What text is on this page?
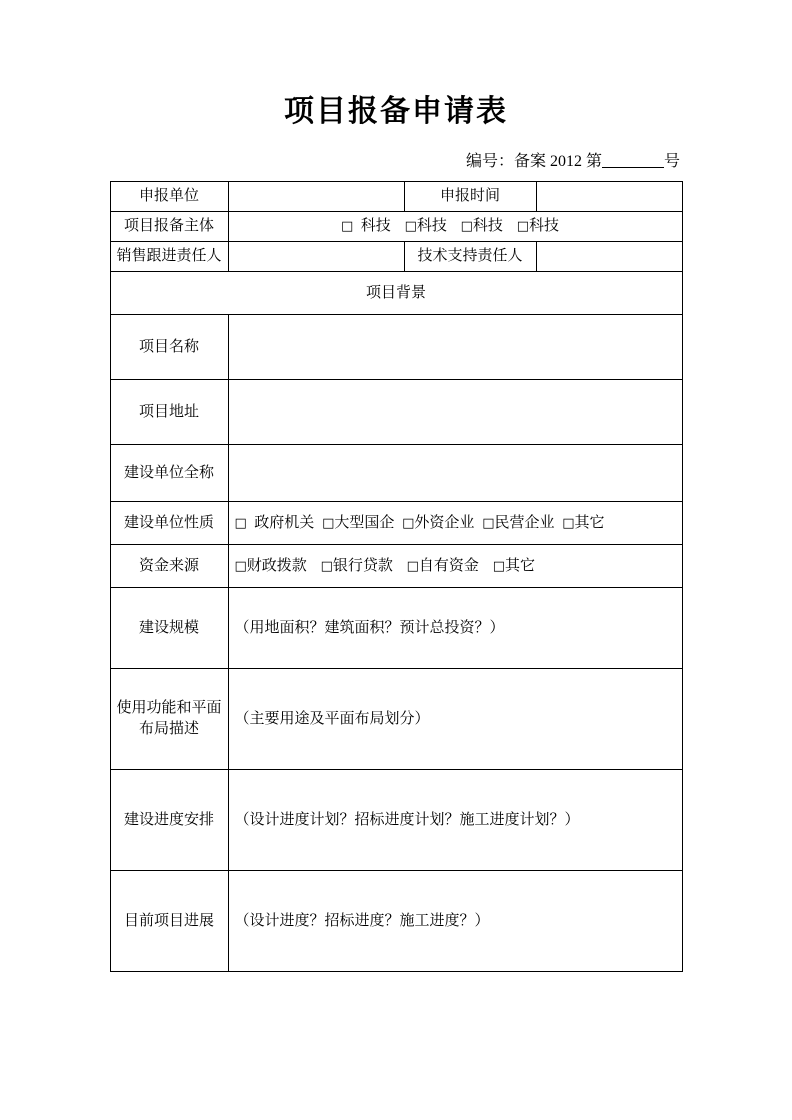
项目报备申请表

编号：备案 2012 第	号

申报单位		申报时间	
项目报备主体	□ 科技 □科技 □科技 □科技		
销售跟进责任人		技术支持责任人	
项目背景			
项目名称			
项目地址			
建设单位全称			
建设单位性质	□ 政府机关 □大型国企 □外资企业 □民营企业 □其它		
资金来源	□财政拨款 □银行贷款 □自有资金 □其它		
建设规模	（用地面积？建筑面积？预计总投资？）		
使用功能和平面布局描述	（主要用途及平面布局划分）		
建设进度安排	（设计进度计划？招标进度计划？施工进度计划？）		
目前项目进展	（设计进度？招标进度？施工进度？）		
